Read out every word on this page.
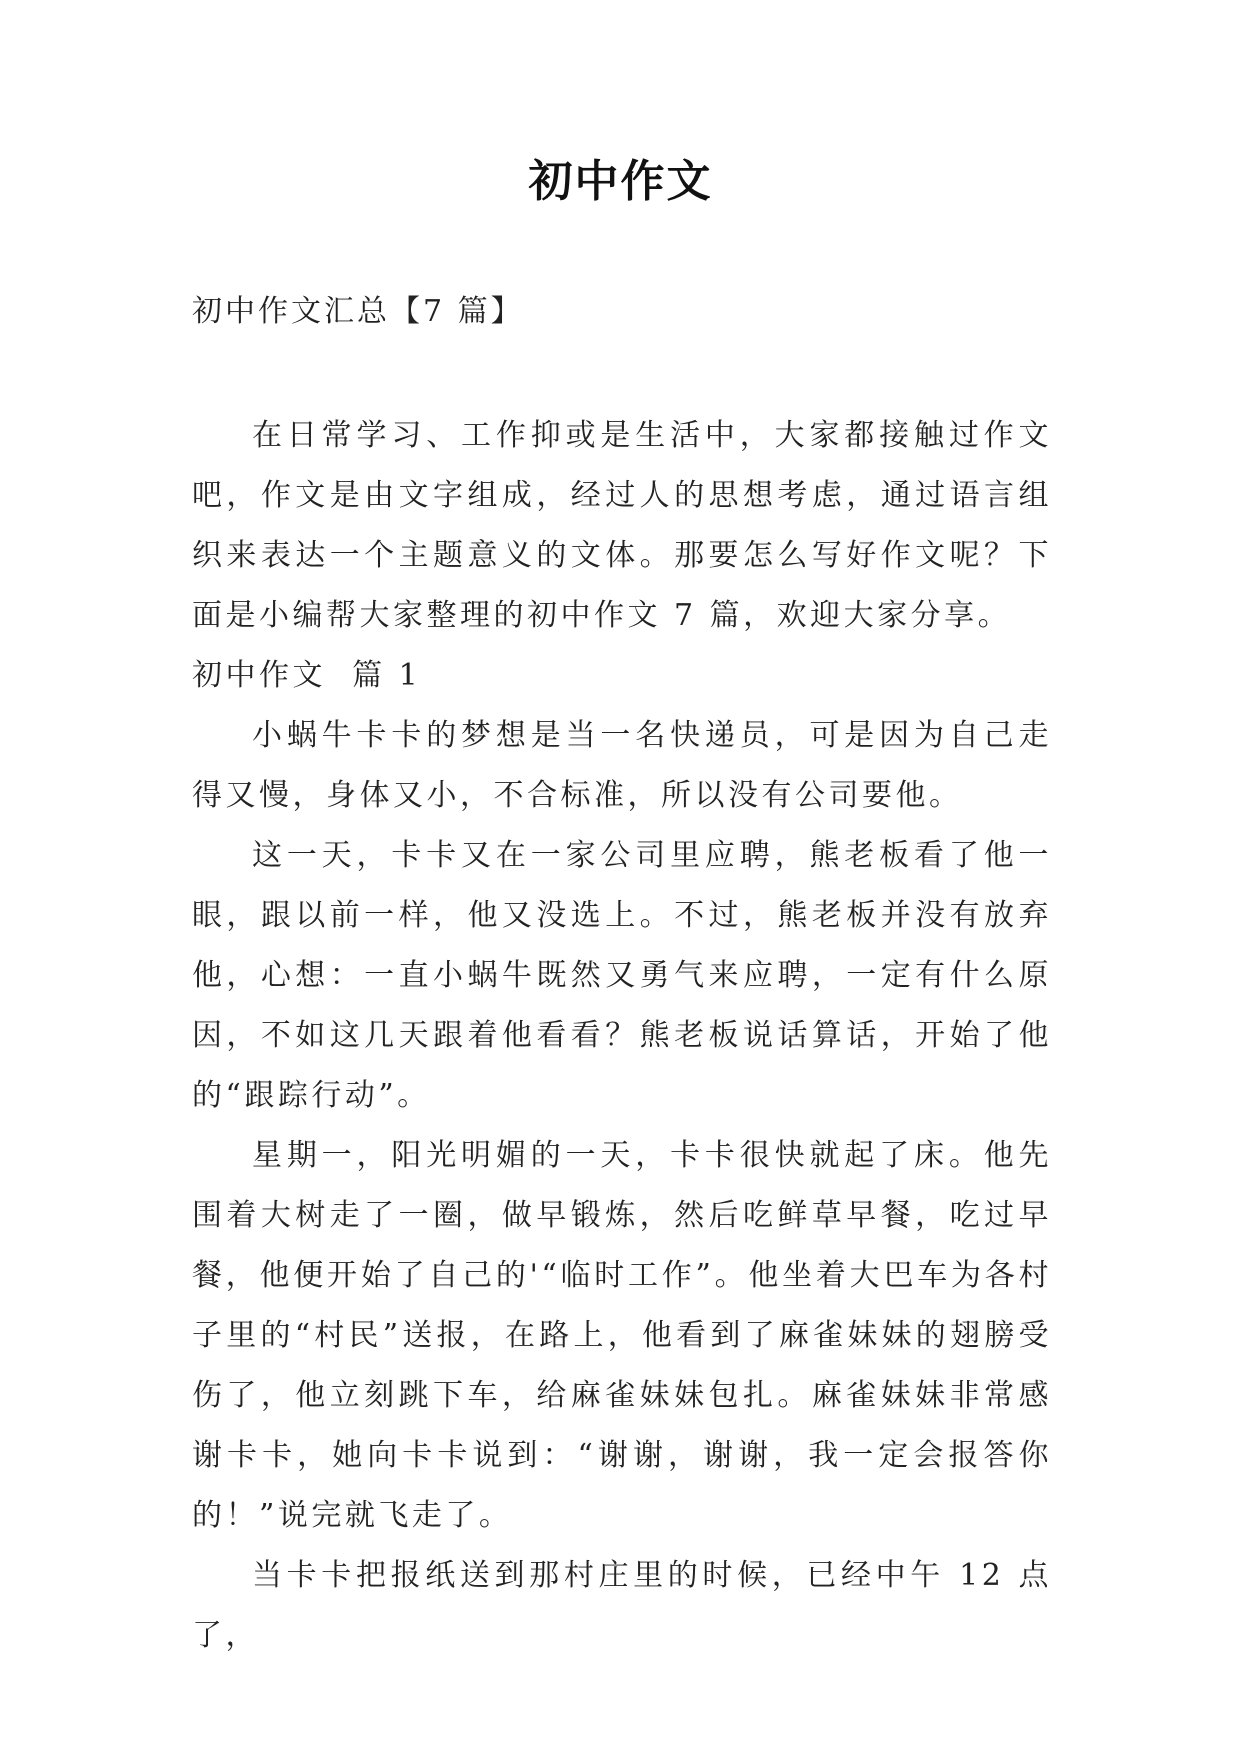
初中作文
初中作文汇总【7 篇】

在日常学习、工作抑或是生活中，大家都接触过作文吧，作文是由文字组成，经过人的思想考虑，通过语言组织来表达一个主题意义的文体。那要怎么写好作文呢？下面是小编帮大家整理的初中作文 7 篇，欢迎大家分享。

初中作文  篇 1

小蜗牛卡卡的梦想是当一名快递员，可是因为自己走得又慢，身体又小，不合标准，所以没有公司要他。

这一天，卡卡又在一家公司里应聘，熊老板看了他一眼，跟以前一样，他又没选上。不过，熊老板并没有放弃他，心想：一直小蜗牛既然又勇气来应聘，一定有什么原因，不如这几天跟着他看看？熊老板说话算话，开始了他的“跟踪行动”。

星期一，阳光明媚的一天，卡卡很快就起了床。他先围着大树走了一圈，做早锻炼，然后吃鲜草早餐，吃过早餐，他便开始了自己的'“临时工作”。他坐着大巴车为各村子里的“村民”送报，在路上，他看到了麻雀妹妹的翅膀受伤了，他立刻跳下车，给麻雀妹妹包扎。麻雀妹妹非常感谢卡卡，她向卡卡说到：“谢谢，谢谢，我一定会报答你的！”说完就飞走了。

当卡卡把报纸送到那村庄里的时候，已经中午 12 点了，
